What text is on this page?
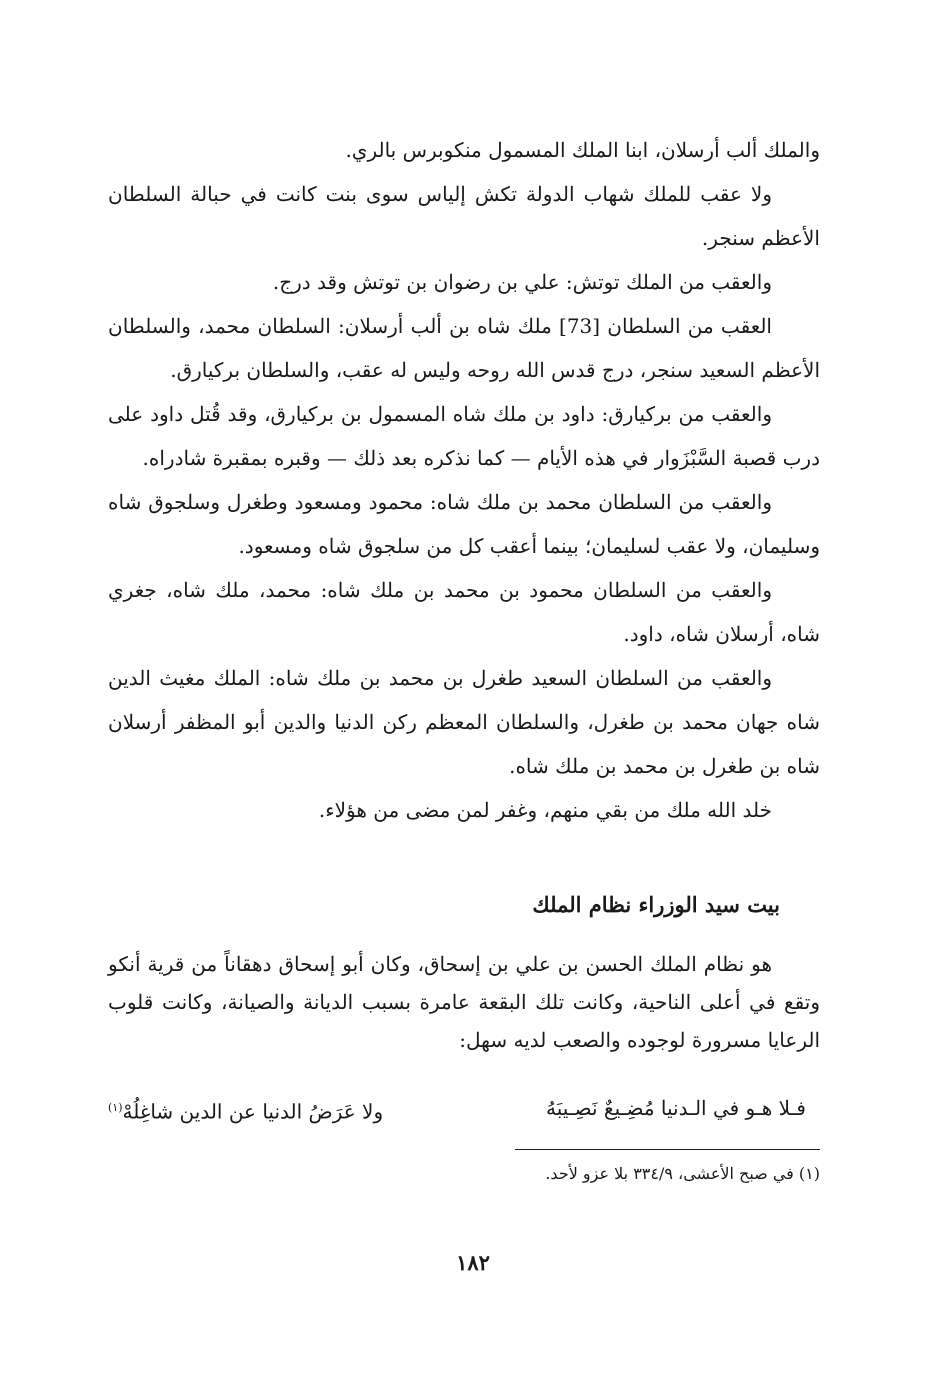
والملك ألب أرسلان، ابنا الملك المسمول منكوبرس بالري.
ولا عقب للملك شهاب الدولة تكش إلياس سوى بنت كانت في حبالة السلطان الأعظم سنجر.
والعقب من الملك توتش: علي بن رضوان بن توتش وقد درج.
العقب من السلطان [73] ملك شاه بن ألب أرسلان: السلطان محمد، والسلطان الأعظم السعيد سنجر، درج قدس الله روحه وليس له عقب، والسلطان بركيارق.
والعقب من بركيارق: داود بن ملك شاه المسمول بن بركيارق، وقد قُتل داود على درب قصبة السَّبْزَوار في هذه الأيام — كما نذكره بعد ذلك — وقبره بمقبرة شادراه.
والعقب من السلطان محمد بن ملك شاه: محمود ومسعود وطغرل وسلجوق شاه وسليمان، ولا عقب لسليمان؛ بينما أعقب كل من سلجوق شاه ومسعود.
والعقب من السلطان محمود بن محمد بن ملك شاه: محمد، ملك شاه، جغري شاه، أرسلان شاه، داود.
والعقب من السلطان السعيد طغرل بن محمد بن ملك شاه: الملك مغيث الدين شاه جهان محمد بن طغرل، والسلطان المعظم ركن الدنيا والدين أبو المظفر أرسلان شاه بن طغرل بن محمد بن ملك شاه.
خلد الله ملك من بقي منهم، وغفر لمن مضى من هؤلاء.
بيت سيد الوزراء نظام الملك
هو نظام الملك الحسن بن علي بن إسحاق، وكان أبو إسحاق دهقاناً من قرية أنكو وتقع في أعلى الناحية، وكانت تلك البقعة عامرة بسبب الديانة والصيانة، وكانت قلوب الرعايا مسرورة لوجوده والصعب لديه سهل:
فـلا هـو في الـدنيا مُضِـيعٌ نَصِـيبَهُ
ولا عَرَضُ الدنيا عن الدين شاغِلُهْ$^{(١)}$
(١) في صبح الأعشى، ٣٣٤/٩ بلا عزو لأحد.
١٨٢
